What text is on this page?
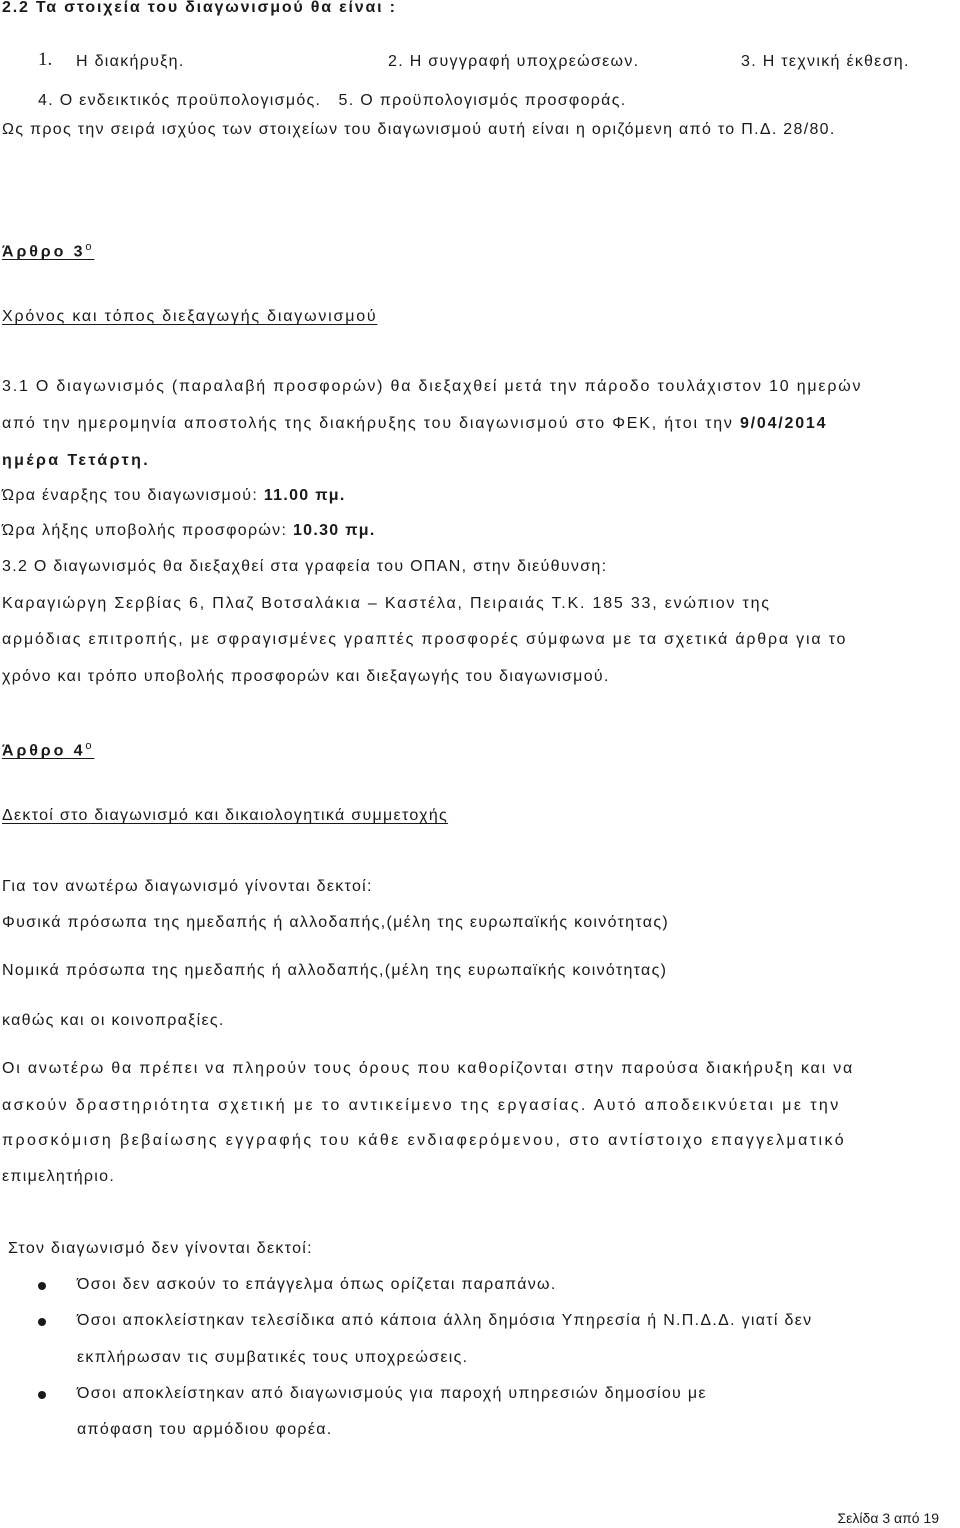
2.2 Τα στοιχεία του διαγωνισμού θα είναι :
1. Η διακήρυξη.	2. Η συγγραφή υποχρεώσεων.	3. Η τεχνική έκθεση.
4. Ο ενδεικτικός προϋπολογισμός. 5. Ο προϋπολογισμός προσφοράς.
Ως προς την σειρά ισχύος των στοιχείων του διαγωνισμού αυτή είναι η οριζόμενη από το Π.Δ. 28/80.
Άρθρο $3^o$
Χρόνος και τόπος διεξαγωγής διαγωνισμού
3.1 Ο διαγωνισμός (παραλαβή προσφορών) θα διεξαχθεί μετά την πάροδο τουλάχιστον 10 ημερών
από την ημερομηνία αποστολής της διακήρυξης του διαγωνισμού στο ΦΕΚ, ήτοι την 9/04/2014
ημέρα Τετάρτη.
Ώρα έναρξης του διαγωνισμού: 11.00 πμ.
Ώρα λήξης υποβολής προσφορών: 10.30 πμ.
3.2 Ο διαγωνισμός θα διεξαχθεί στα γραφεία του ΟΠΑΝ, στην διεύθυνση:
Καραγιώργη Σερβίας 6, Πλαζ Βοτσαλάκια – Καστέλα, Πειραιάς Τ.Κ. 185 33, ενώπιον της
αρμόδιας επιτροπής, με σφραγισμένες γραπτές προσφορές σύμφωνα με τα σχετικά άρθρα για το
χρόνο και τρόπο υποβολής προσφορών και διεξαγωγής του διαγωνισμού.
Άρθρο $4^o$
Δεκτοί στο διαγωνισμό και δικαιολογητικά συμμετοχής
Για τον ανωτέρω διαγωνισμό γίνονται δεκτοί:
Φυσικά πρόσωπα της ημεδαπής ή αλλοδαπής,(μέλη της ευρωπαϊκής κοινότητας)
Νομικά πρόσωπα της ημεδαπής ή αλλοδαπής,(μέλη της ευρωπαϊκής κοινότητας)
καθώς και οι κοινοπραξίες.
Οι ανωτέρω θα πρέπει να πληρούν τους όρους που καθορίζονται στην παρούσα διακήρυξη και να
ασκούν δραστηριότητα σχετική με το αντικείμενο της εργασίας. Αυτό αποδεικνύεται με την
προσκόμιση βεβαίωσης εγγραφής του κάθε ενδιαφερόμενου, στο αντίστοιχο επαγγελματικό
επιμελητήριο.
Στον διαγωνισμό δεν γίνονται δεκτοί:
Όσοι δεν ασκούν το επάγγελμα όπως ορίζεται παραπάνω.
Όσοι αποκλείστηκαν τελεσίδικα από κάποια άλλη δημόσια Υπηρεσία ή Ν.Π.Δ.Δ. γιατί δεν
εκπλήρωσαν τις συμβατικές τους υποχρεώσεις.
Όσοι αποκλείστηκαν από διαγωνισμούς για παροχή υπηρεσιών δημοσίου με
απόφαση του αρμόδιου φορέα.
Σελίδα 3 από 19
